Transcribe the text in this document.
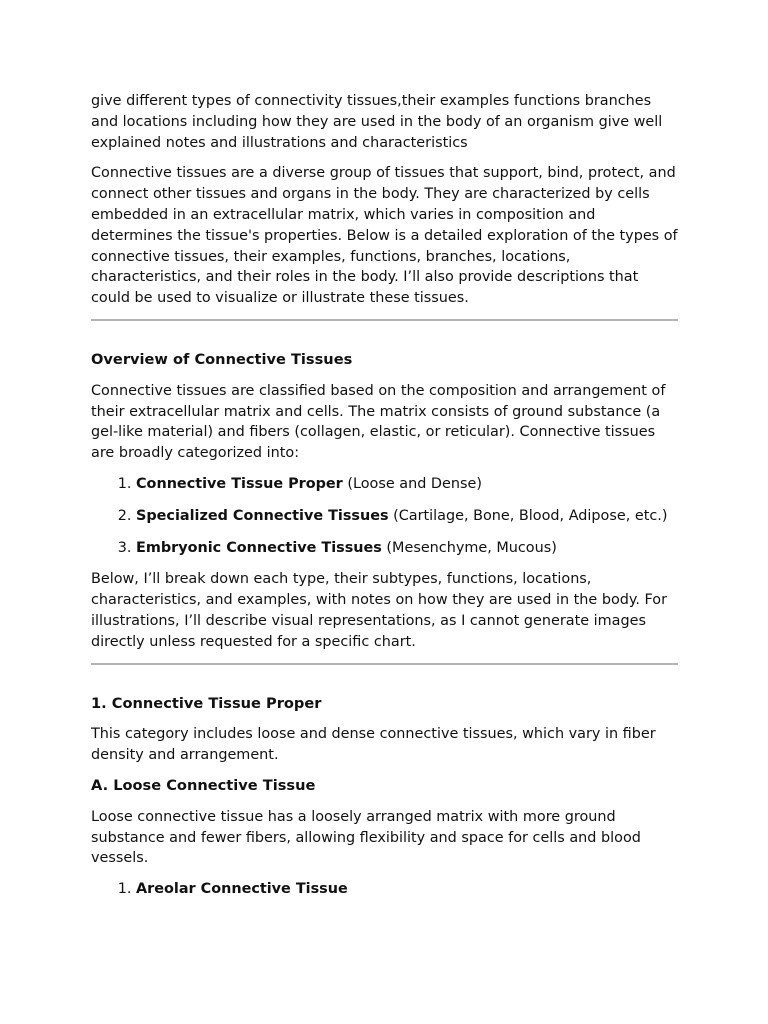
give different types of connectivity tissues,their examples functions branches and locations including how they are used in the body of an organism give well explained notes and illustrations and characteristics

Connective tissues are a diverse group of tissues that support, bind, protect, and connect other tissues and organs in the body. They are characterized by cells embedded in an extracellular matrix, which varies in composition and determines the tissue's properties. Below is a detailed exploration of the types of connective tissues, their examples, functions, branches, locations, characteristics, and their roles in the body. I’ll also provide descriptions that could be used to visualize or illustrate these tissues.

Overview of Connective Tissues

Connective tissues are classified based on the composition and arrangement of their extracellular matrix and cells. The matrix consists of ground substance (a gel-like material) and fibers (collagen, elastic, or reticular). Connective tissues are broadly categorized into:

1. Connective Tissue Proper (Loose and Dense)
2. Specialized Connective Tissues (Cartilage, Bone, Blood, Adipose, etc.)
3. Embryonic Connective Tissues (Mesenchyme, Mucous)

Below, I’ll break down each type, their subtypes, functions, locations, characteristics, and examples, with notes on how they are used in the body. For illustrations, I’ll describe visual representations, as I cannot generate images directly unless requested for a specific chart.

1. Connective Tissue Proper

This category includes loose and dense connective tissues, which vary in fiber density and arrangement.

A. Loose Connective Tissue

Loose connective tissue has a loosely arranged matrix with more ground substance and fewer fibers, allowing flexibility and space for cells and blood vessels.

1. Areolar Connective Tissue
